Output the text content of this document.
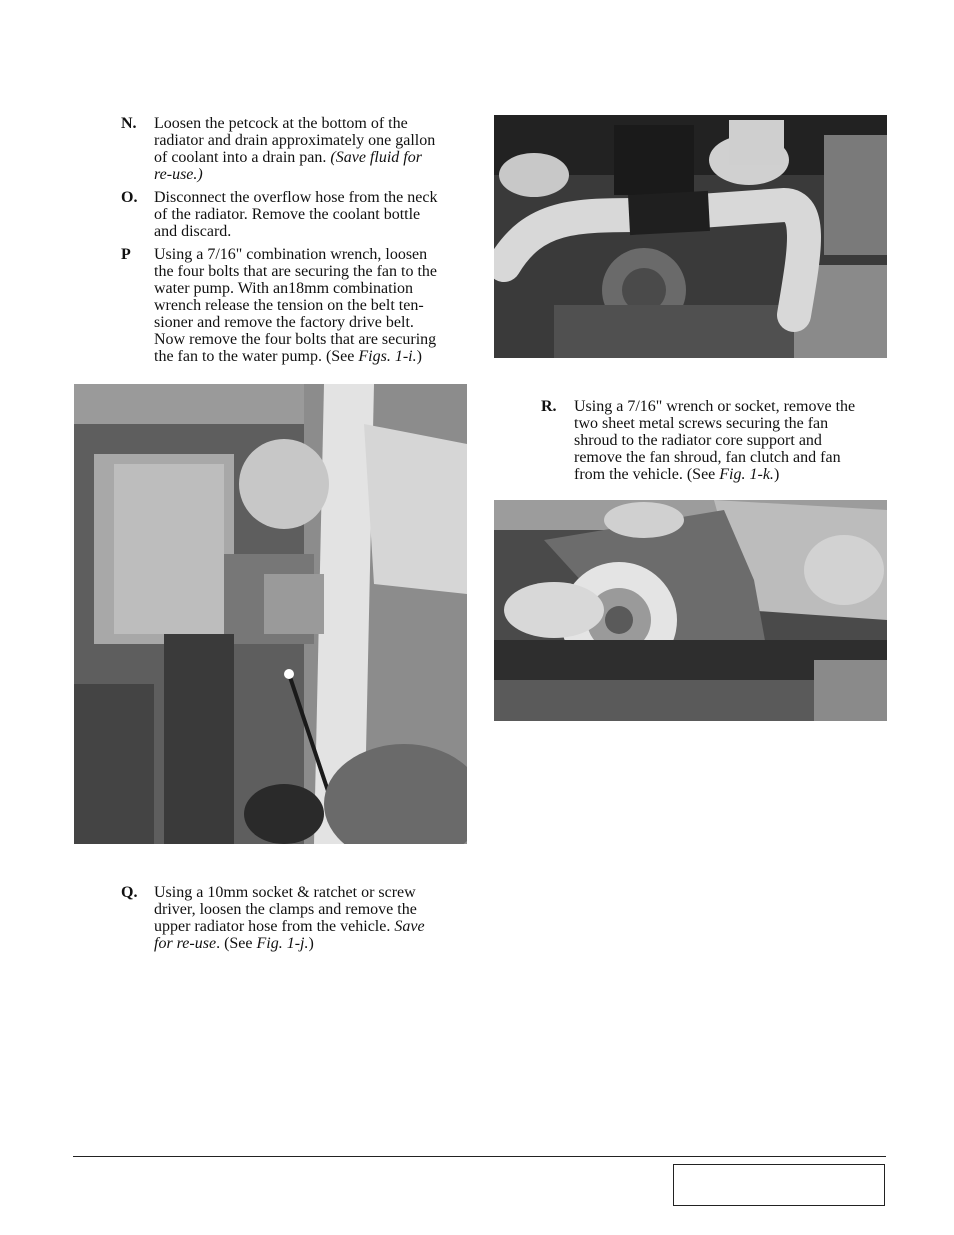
N. Loosen the petcock at the bottom of the
radiator and drain approximately one gallon
of coolant into a drain pan. (Save fluid for
re-use.)
O. Disconnect the overflow hose from the neck
of the radiator. Remove the coolant bottle
and discard.
P Using a 7/16" combination wrench, loosen
the four bolts that are securing the fan to the
water pump. With an18mm combination
wrench release the tension on the belt ten-
sioner and remove the factory drive belt.
Now remove the four bolts that are securing
the fan to the water pump. (See Figs. 1-i.)
Q. Using a 10mm socket & ratchet or screw
driver, loosen the clamps and remove the
upper radiator hose from the vehicle. Save
for re-use. (See Fig. 1-j.)
R. Using a 7/16" wrench or socket, remove the
two sheet metal screws securing the fan
shroud to the radiator core support and
remove the fan shroud, fan clutch and fan
from the vehicle. (See Fig. 1-k.)
